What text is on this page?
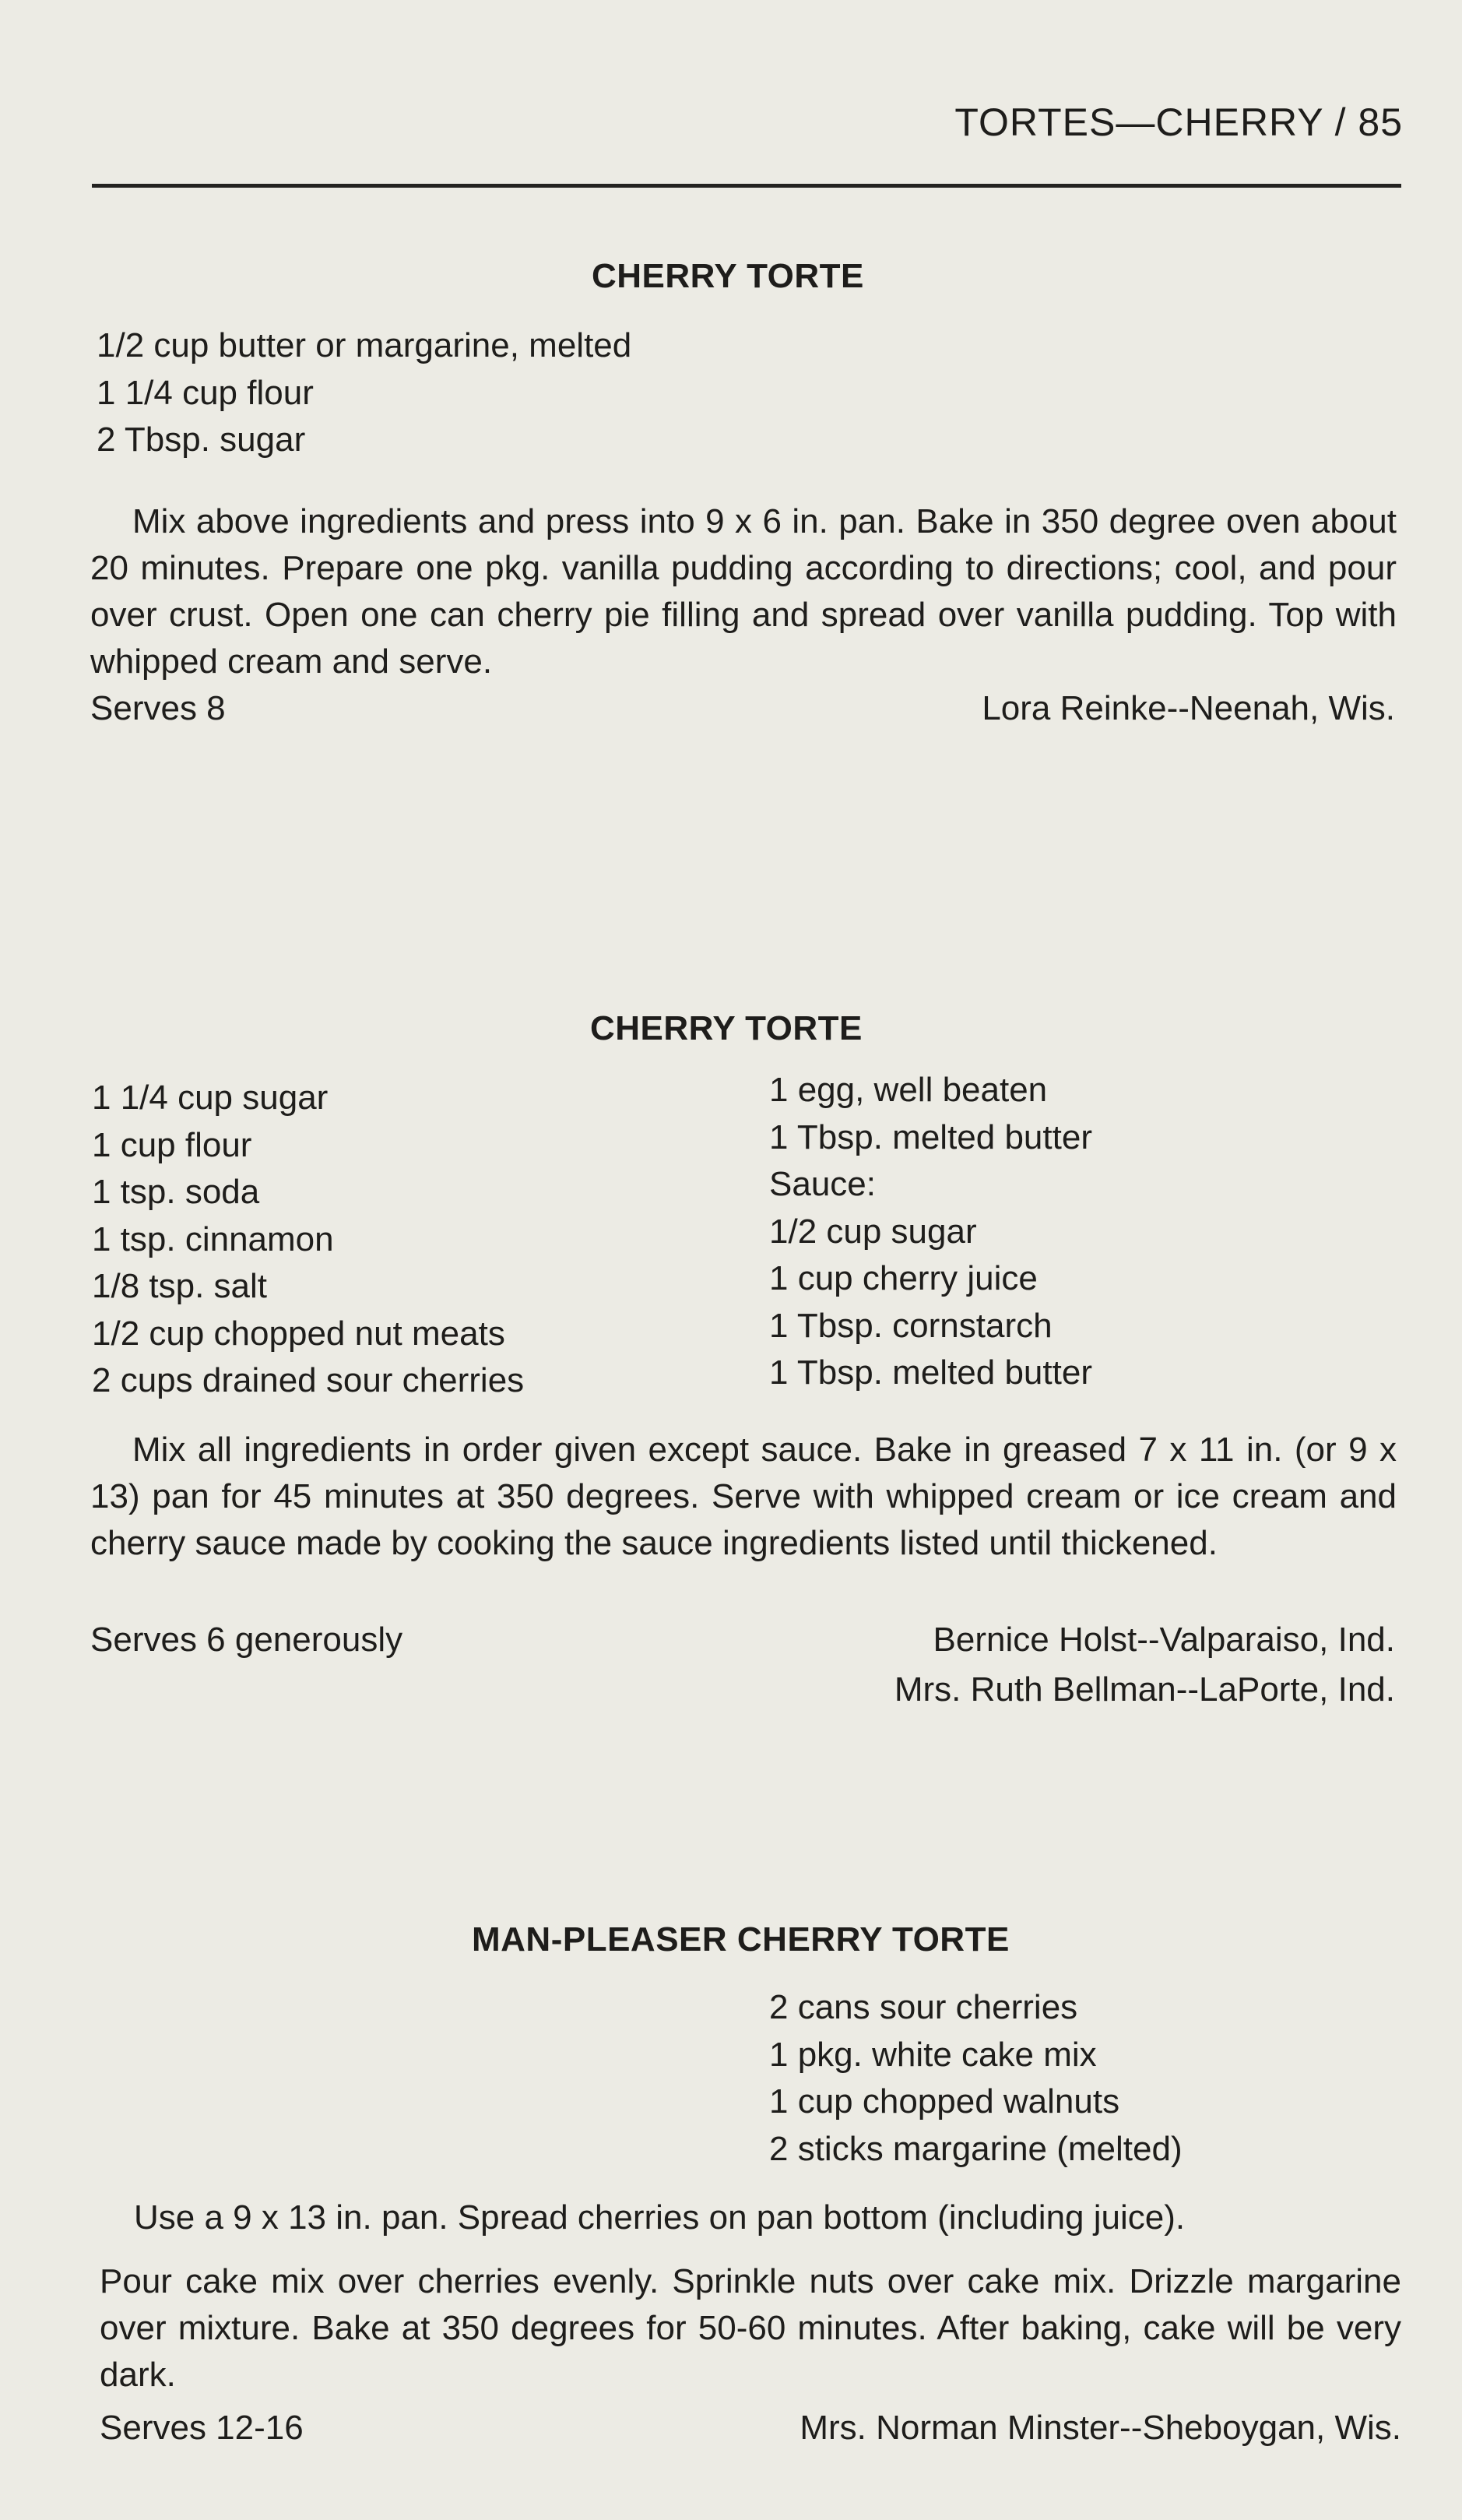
TORTES—CHERRY / 85
CHERRY TORTE
1/2 cup butter or margarine, melted
1 1/4 cup flour
2 Tbsp. sugar
Mix above ingredients and press into 9 x 6 in. pan. Bake in 350 degree oven about 20 minutes. Prepare one pkg. vanilla pudding according to directions; cool, and pour over crust. Open one can cherry pie filling and spread over vanilla pudding. Top with whipped cream and serve.
Serves 8	Lora Reinke--Neenah, Wis.
CHERRY TORTE
1 1/4 cup sugar
1 cup flour
1 tsp. soda
1 tsp. cinnamon
1/8 tsp. salt
1/2 cup chopped nut meats
2 cups drained sour cherries
1 egg, well beaten
1 Tbsp. melted butter
Sauce:
1/2 cup sugar
1 cup cherry juice
1 Tbsp. cornstarch
1 Tbsp. melted butter
Mix all ingredients in order given except sauce. Bake in greased 7 x 11 in. (or 9 x 13) pan for 45 minutes at 350 degrees. Serve with whipped cream or ice cream and cherry sauce made by cooking the sauce ingredients listed until thickened.
Serves 6 generously	Bernice Holst--Valparaiso, Ind.
Mrs. Ruth Bellman--LaPorte, Ind.
MAN-PLEASER CHERRY TORTE
2 cans sour cherries
1 pkg. white cake mix
1 cup chopped walnuts
2 sticks margarine (melted)
Use a 9 x 13 in. pan. Spread cherries on pan bottom (including juice).
Pour cake mix over cherries evenly. Sprinkle nuts over cake mix. Drizzle margarine over mixture. Bake at 350 degrees for 50-60 minutes. After baking, cake will be very dark.
Serves 12-16	Mrs. Norman Minster--Sheboygan, Wis.
